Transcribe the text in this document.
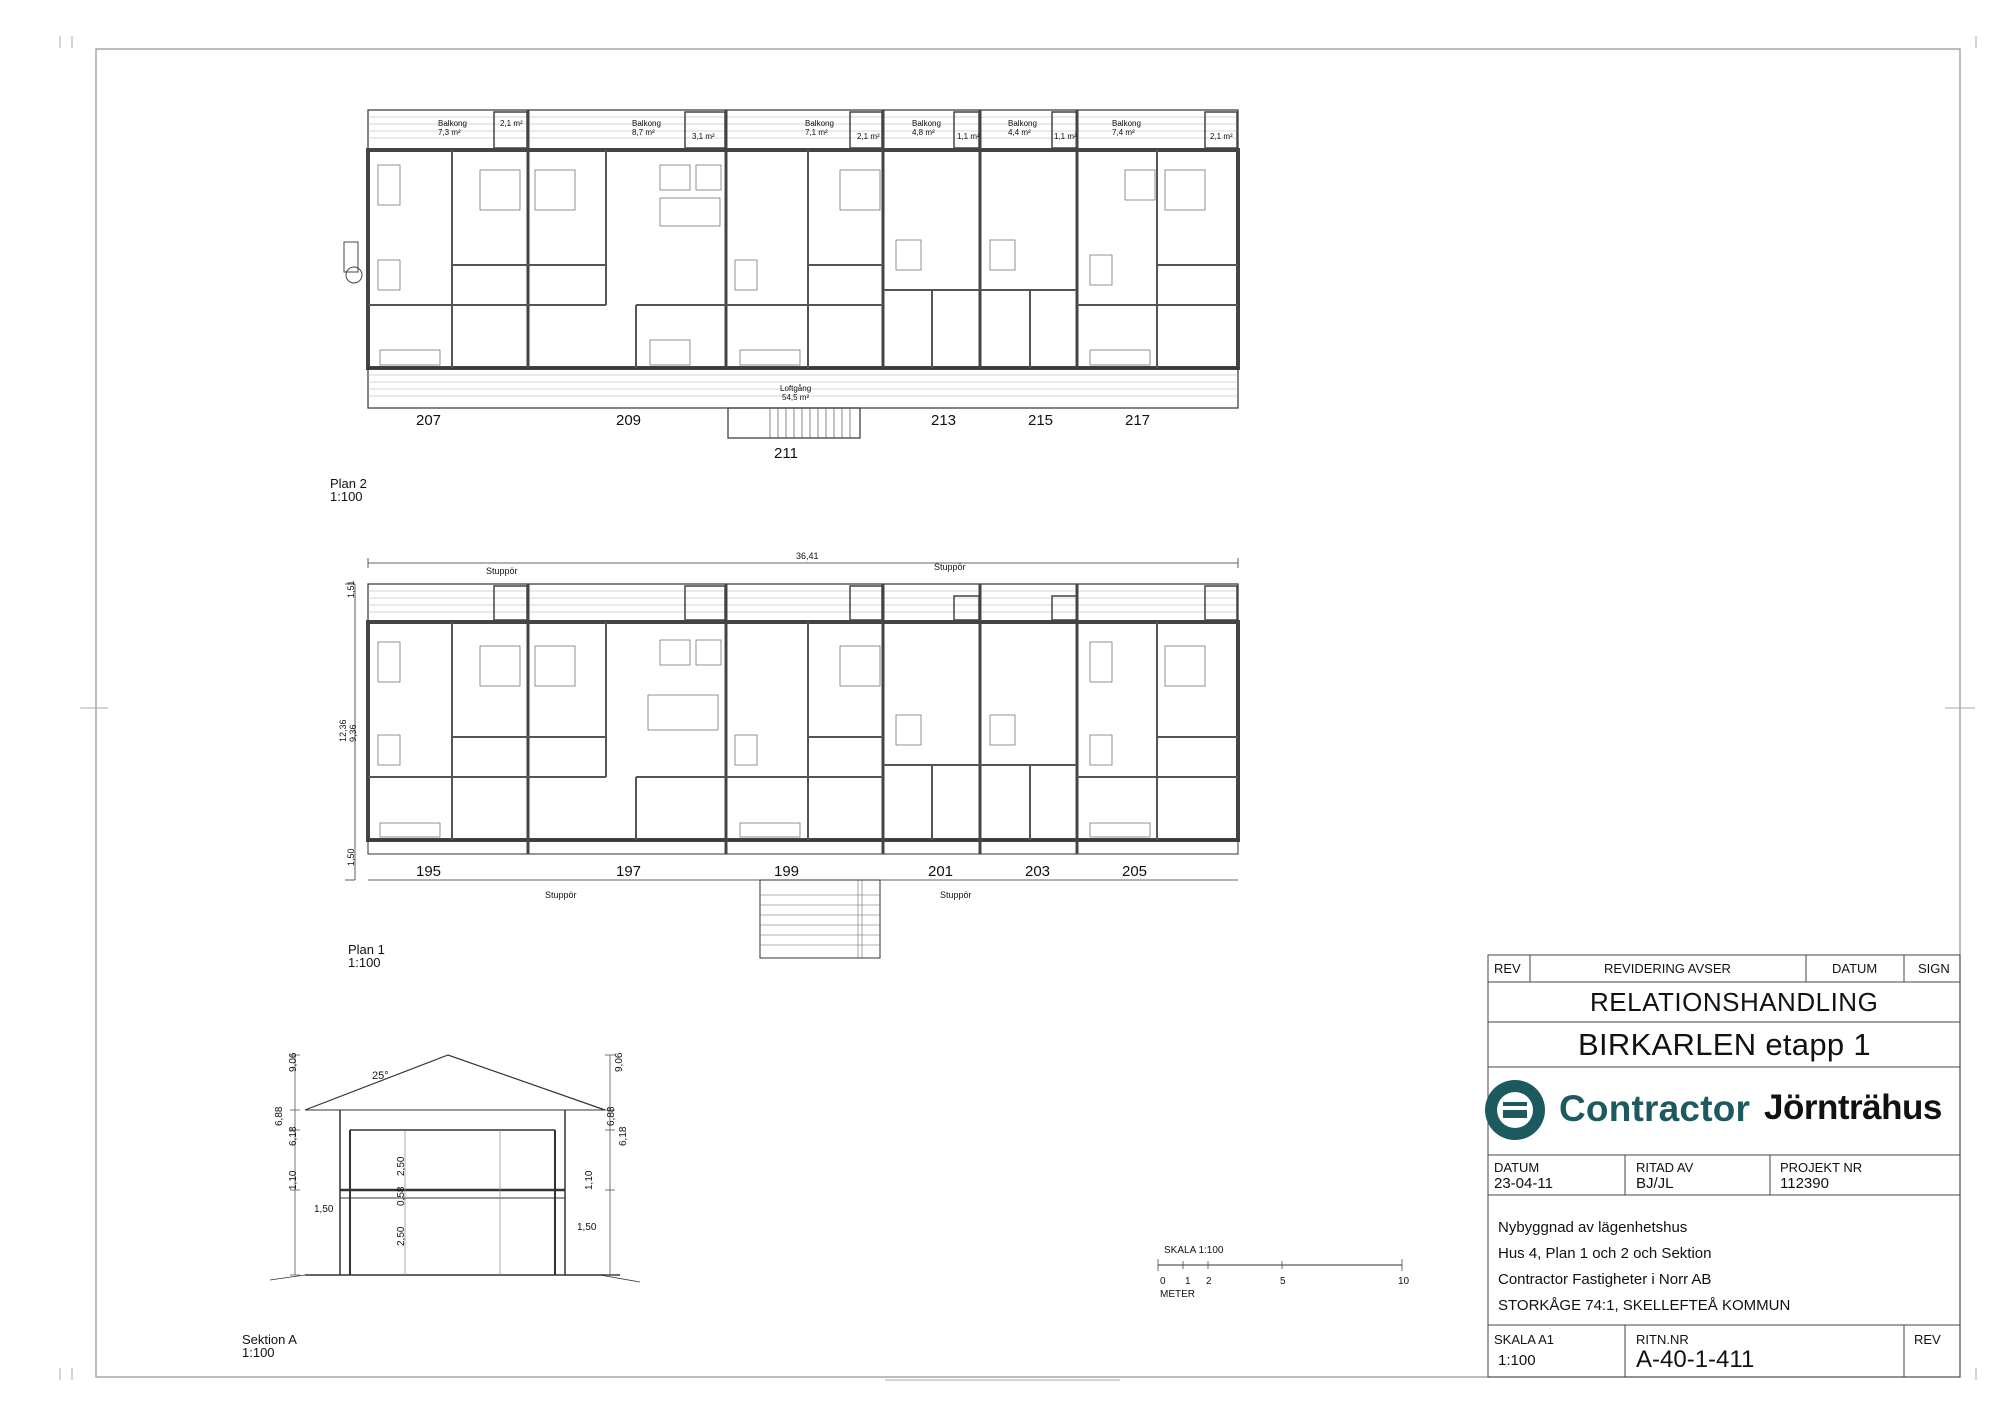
Balkong
7,3 m²
2,1 m²	Balkong
8,7 m²	3,1 m²
Balkong
7,1 m²	2,1 m²
Balkong
4,8 m²	1,1 m²
Balkong
4,4 m²	1,1 m²
Balkong
7,4 m²	2,1 m²
Loftgång
54,5 m²
207	209
211
213	215	217
Plan 2
1:100
36,41
Stupрör	Stupрör
Stupрör	Stupрör
1,51
12,36 9,36
1,50
195	197	199	201	203	205
Plan 1
1:100
25°
9,06
6,88
6,18
1,10
1,50
9,06
6,88
6,18
1,10
1,50
2,50
0,58
2,50
Sektion A
1:100
SKALA 1:100
0 1 2	5	10
METER
REV	REVIDERING AVSER	DATUM	SIGN
RELATIONSHANDLING
BIRKARLEN etapp 1
Contractor Jörnträhus
DATUM
23-04-11
RITAD AV
BJ/JL
PROJEKT NR
112390
Nybyggnad av lägenhetshus
Hus 4, Plan 1 och 2 och Sektion
Contractor Fastigheter i Norr AB
STORKÅGE 74:1, SKELLEFTEÅ KOMMUN
SKALA A1
1:100
RITN.NR
A-40-1-411
REV
